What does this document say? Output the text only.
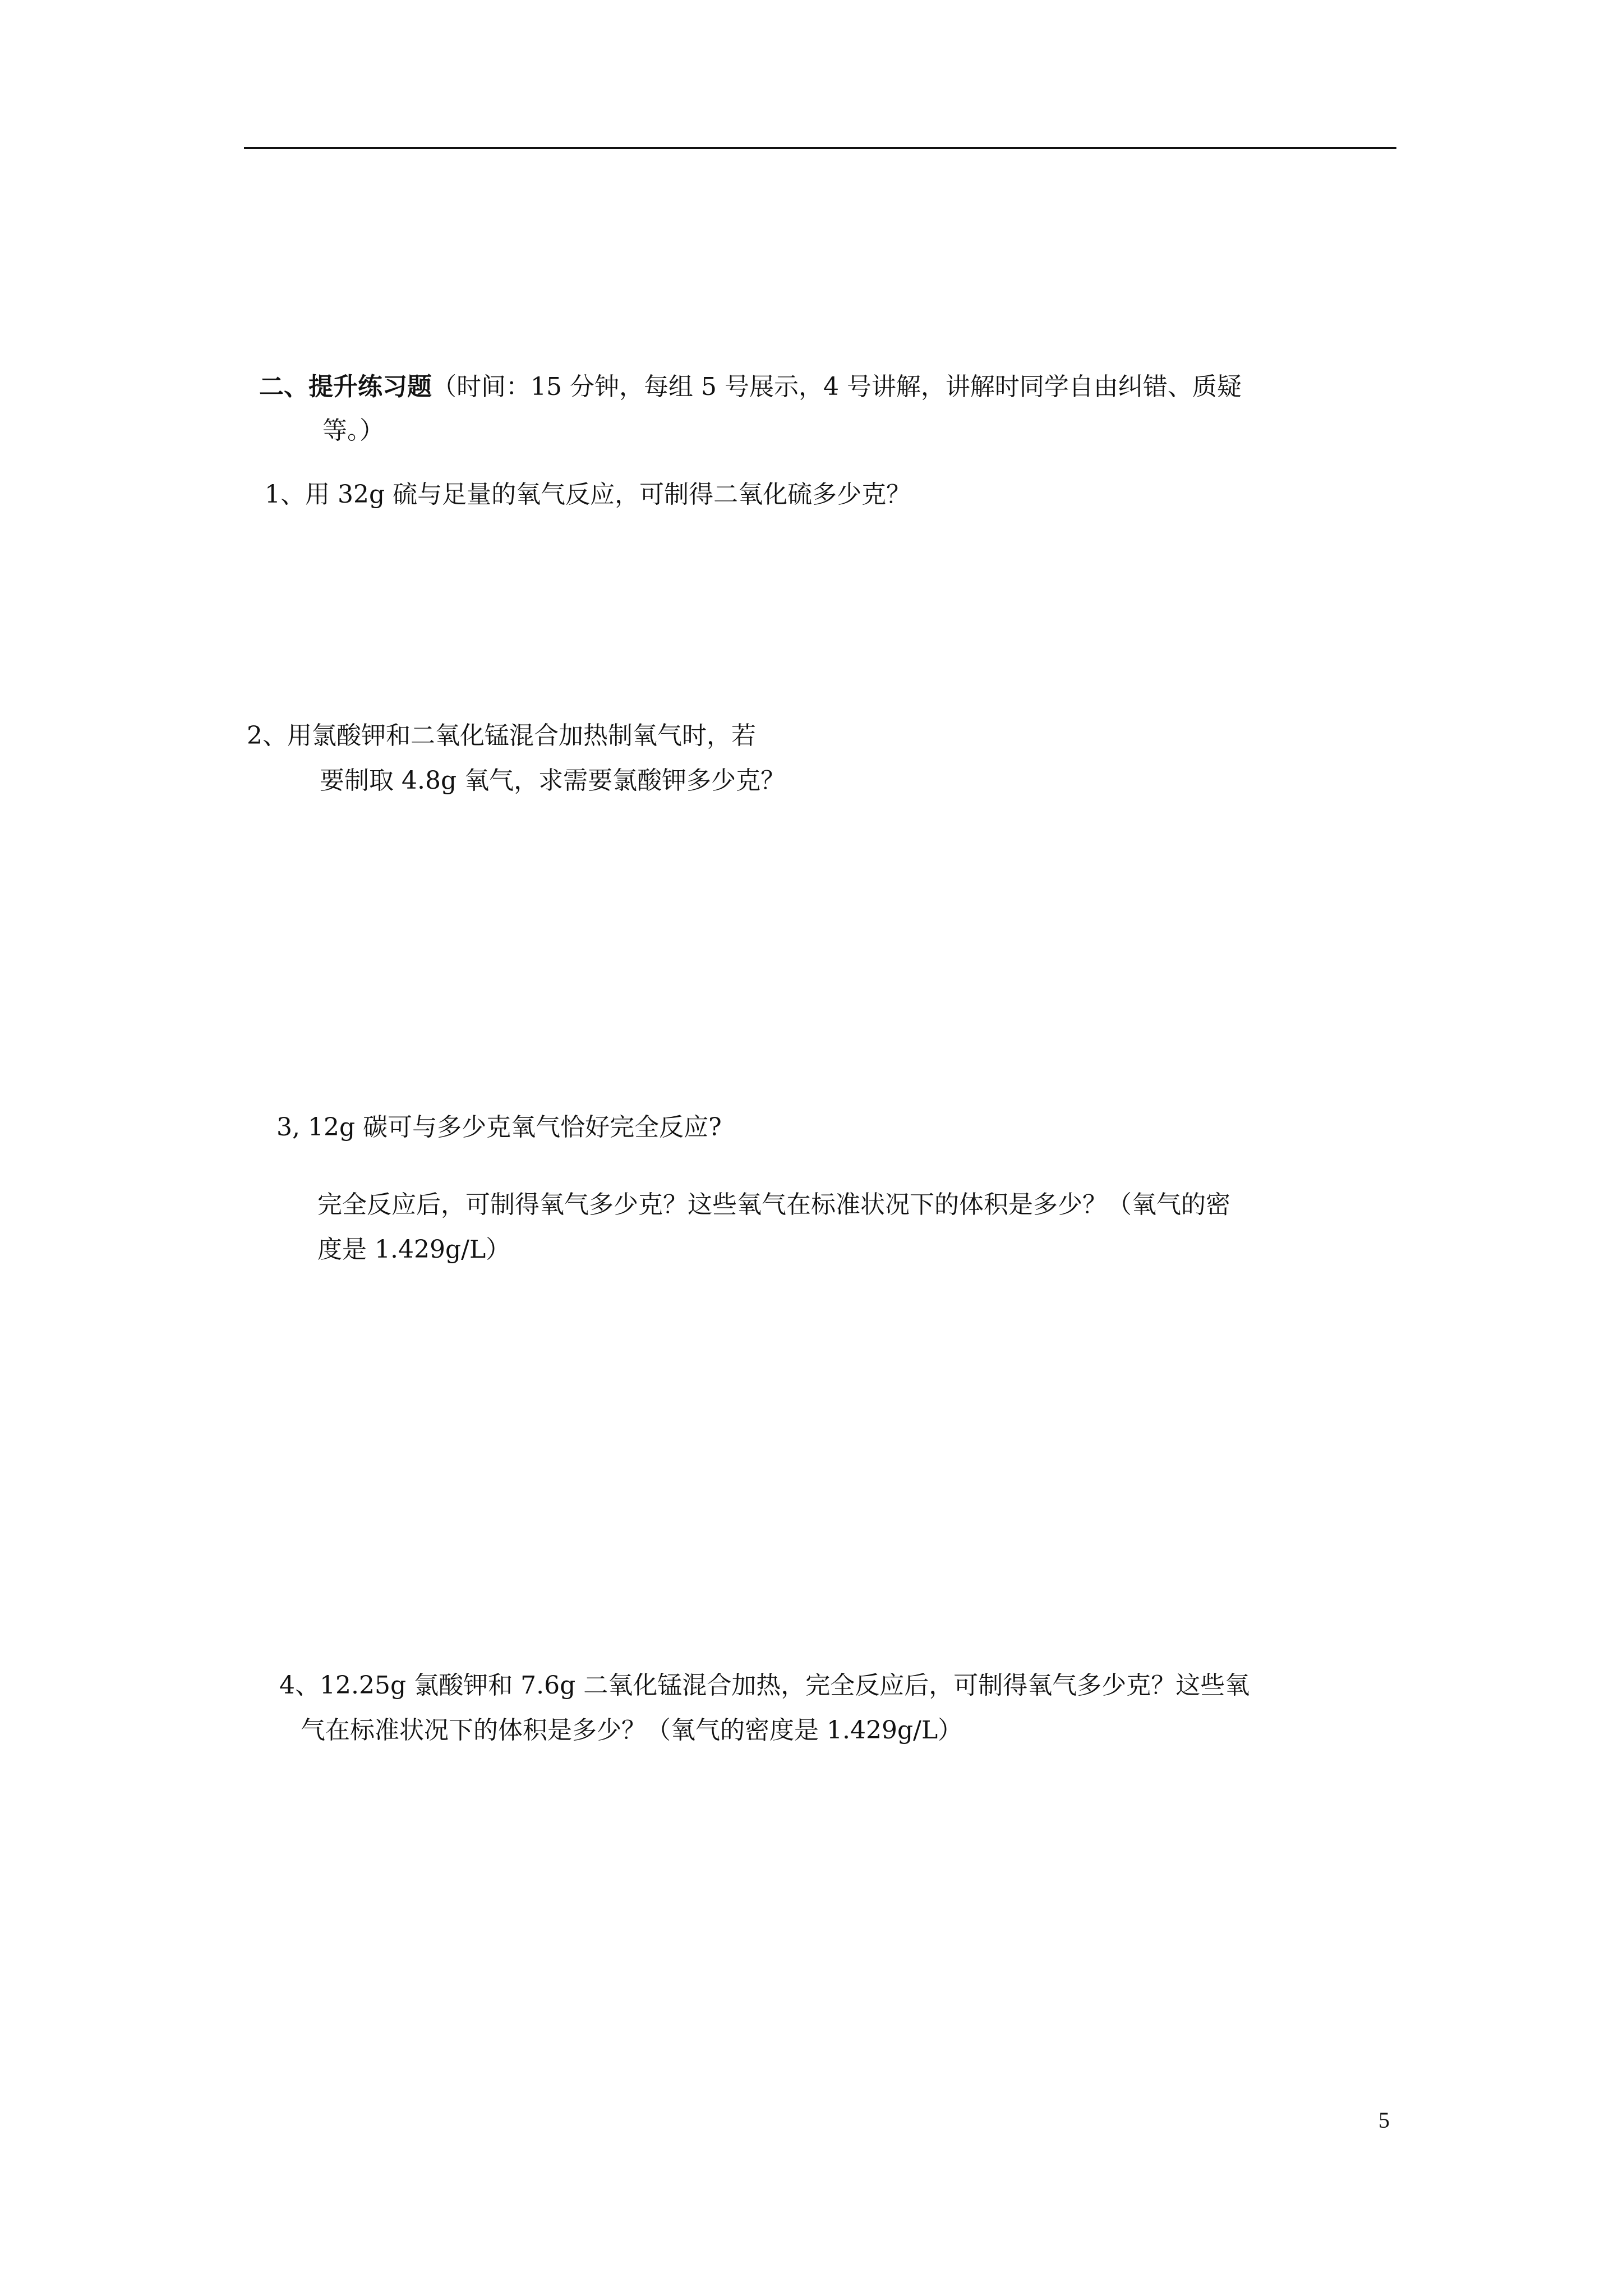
二、提升练习题（时间：15 分钟，每组 5 号展示，4 号讲解，讲解时同学自由纠错、质疑
等。）
1、用 32g 硫与足量的氧气反应，可制得二氧化硫多少克？
2、用氯酸钾和二氧化锰混合加热制氧气时，若
要制取 4.8g 氧气，求需要氯酸钾多少克？
3, 12g 碳可与多少克氧气恰好完全反应?
完全反应后，可制得氧气多少克？这些氧气在标准状况下的体积是多少？（氧气的密
度是 1.429g/L）
4、12.25g 氯酸钾和 7.6g 二氧化锰混合加热，完全反应后，可制得氧气多少克？这些氧
气在标准状况下的体积是多少？（氧气的密度是 1.429g/L）
5
